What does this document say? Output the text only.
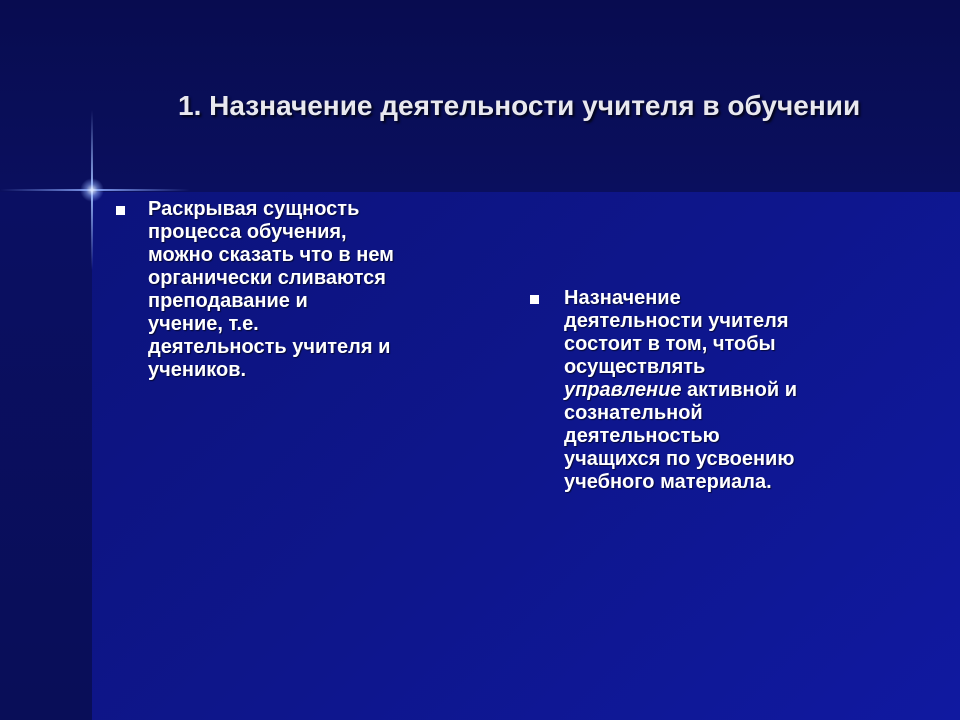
1. Назначение деятельности учителя в обучении
Раскрывая сущность
процесса обучения,
можно сказать что в нем
органически сливаются
преподавание и
учение, т.е.
деятельность учителя и
учеников.
Назначение
деятельности учителя
состоит в том, чтобы
осуществлять
управление активной и
сознательной
деятельностью
учащихся по усвоению
учебного материала.
